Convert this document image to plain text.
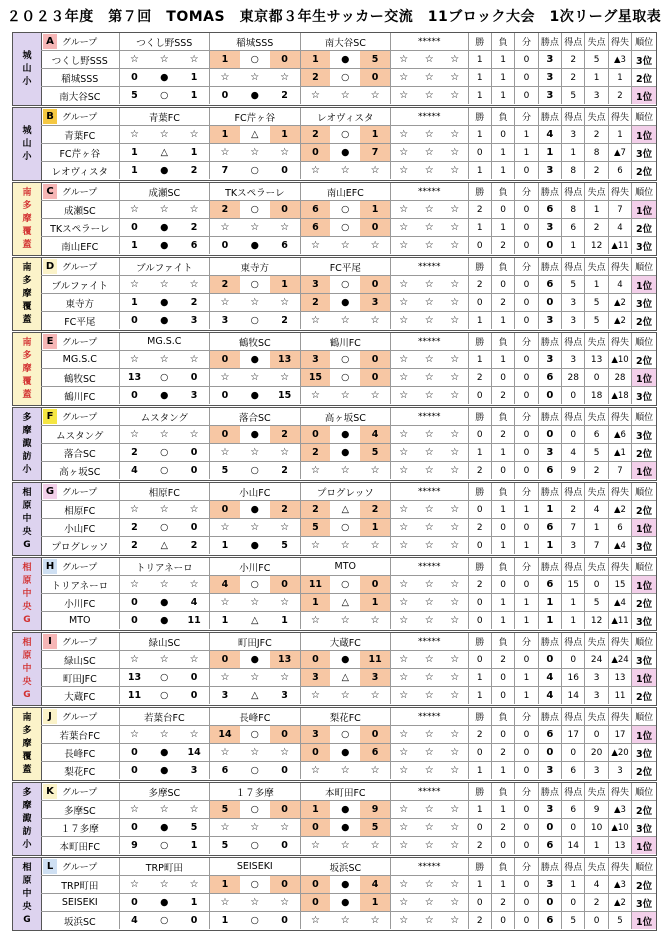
２０２３年度　第７回　TOMAS　東京都３年生サッカー交流　11ブロック大会　1次リーグ星取表
城
山
小
A グループ	つくし野SSS	稲城SSS	南大谷SC	*****	勝	負	分	勝点 得点 失点 得失 順位
つくし野SSS	☆	☆	☆	1	○	0	1	●	5	☆	☆	☆	1	1	0	3	2	5	▲3	3位
稲城SSS	0	●	1	☆	☆	☆	2	○	0	☆	☆	☆	1	1	0	3	2	1	1	2位
南大谷SC	5	○	1	0	●	2	☆	☆	☆	☆	☆	☆	1	1	0	3	5	3	2	1位
城
山
小
B グループ	青葉FC	FC芹ヶ谷	レオヴィスタ	*****	勝	負	分	勝点 得点 失点 得失 順位
青葉FC	☆	☆	☆	1	△	1	2	○	1	☆	☆	☆	1	0	1	4	3	2	1	1位
FC芹ヶ谷	1	△	1	☆	☆	☆	0	●	7	☆	☆	☆	0	1	1	1	1	8	▲7	3位
レオヴィスタ	1	●	2	7	○	0	☆	☆	☆	☆	☆	☆	1	1	0	3	8	2	6	2位
南
多
摩
覆
蓋
C グループ	成瀬SC	TKスペラーレ	南山EFC	*****	勝	負	分	勝点 得点 失点 得失 順位
成瀬SC	☆	☆	☆	2	○	0	6	○	1	☆	☆	☆	2	0	0	6	8	1	7	1位
TKスペラーレ	0	●	2	☆	☆	☆	6	○	0	☆	☆	☆	1	1	0	3	6	2	4	2位
南山EFC	1	●	6	0	●	6	☆	☆	☆	☆	☆	☆	0	2	0	0	1	12	▲11 3位
南
多
摩
覆
蓋
D グループ	ブルファイト	東寺方	FC平尾	*****	勝	負	分	勝点 得点 失点 得失 順位
ブルファイト	☆	☆	☆	2	○	1	3	○	0	☆	☆	☆	2	0	0	6	5	1	4	1位
東寺方	1	●	2	☆	☆	☆	2	●	3	☆	☆	☆	0	2	0	0	3	5	▲2	3位
FC平尾	0	●	3	3	○	2	☆	☆	☆	☆	☆	☆	1	1	0	3	3	5	▲2	2位
南
多
摩
覆
蓋
E グループ	MG.S.C	鶴牧SC	鶴川FC	*****	勝	負	分	勝点 得点 失点 得失 順位
MG.S.C	☆	☆	☆	0	●	13	3	○	0	☆	☆	☆	1	1	0	3	3	13	▲10 2位
鶴牧SC	13	○	0	☆	☆	☆	15	○	0	☆	☆	☆	2	0	0	6	28	0	28	1位
鶴川FC	0	●	3	0	●	15	☆	☆	☆	☆	☆	☆	0	2	0	0	0	18	▲18 3位
多
摩
諏
訪
小
F グループ	ムスタング	落合SC	高ヶ坂SC	*****	勝	負	分	勝点 得点 失点 得失 順位
ムスタング	☆	☆	☆	0	●	2	0	●	4	☆	☆	☆	0	2	0	0	0	6	▲6	3位
落合SC	2	○	0	☆	☆	☆	2	●	5	☆	☆	☆	1	1	0	3	4	5	▲1	2位
高ヶ坂SC	4	○	0	5	○	2	☆	☆	☆	☆	☆	☆	2	0	0	6	9	2	7	1位
相
原
中
央
G
G グループ	相原FC	小山FC	プログレッソ	*****	勝	負	分	勝点 得点 失点 得失 順位
相原FC	☆	☆	☆	0	●	2	2	△	2	☆	☆	☆	0	1	1	1	2	4	▲2	2位
小山FC	2	○	0	☆	☆	☆	5	○	1	☆	☆	☆	2	0	0	6	7	1	6	1位
プログレッソ	2	△	2	1	●	5	☆	☆	☆	☆	☆	☆	0	1	1	1	3	7	▲4	3位
相
原
中
央
G
H グループ	トリアネーロ	小川FC	MTO	*****	勝	負	分	勝点 得点 失点 得失 順位
トリアネーロ	☆	☆	☆	4	○	0	11	○	0	☆	☆	☆	2	0	0	6	15	0	15	1位
小川FC	0	●	4	☆	☆	☆	1	△	1	☆	☆	☆	0	1	1	1	1	5	▲4	2位
MTO	0	●	11	1	△	1	☆	☆	☆	☆	☆	☆	0	1	1	1	1	12	▲11 3位
相
原
中
央
G
I	グループ	緑山SC	町田JFC	大蔵FC	*****	勝	負	分	勝点 得点 失点 得失 順位
緑山SC	☆	☆	☆	0	●	13	0	●	11	☆	☆	☆	0	2	0	0	0	24	▲24 3位
町田JFC	13	○	0	☆	☆	☆	3	△	3	☆	☆	☆	1	0	1	4	16	3	13	1位
大蔵FC	11	○	0	3	△	3	☆	☆	☆	☆	☆	☆	1	0	1	4	14	3	11	2位
南
多
摩
覆
蓋
J	グループ	若葉台FC	長峰FC	梨花FC	*****	勝	負	分	勝点 得点 失点 得失 順位
若葉台FC	☆	☆	☆	14	○	0	3	○	0	☆	☆	☆	2	0	0	6	17	0	17	1位
長峰FC	0	●	14	☆	☆	☆	0	●	6	☆	☆	☆	0	2	0	0	0	20	▲20 3位
梨花FC	0	●	3	6	○	0	☆	☆	☆	☆	☆	☆	1	1	0	3	6	3	3	2位
多
摩
諏
訪
小
K グループ	多摩SC	１７多摩	本町田FC	*****	勝	負	分	勝点 得点 失点 得失 順位
多摩SC	☆	☆	☆	5	○	0	1	●	9	☆	☆	☆	1	1	0	3	6	9	▲3	2位
１７多摩	0	●	5	☆	☆	☆	0	●	5	☆	☆	☆	0	2	0	0	0	10	▲10 3位
本町田FC	9	○	1	5	○	0	☆	☆	☆	☆	☆	☆	2	0	0	6	14	1	13	1位
相
原
中
央
G
L グループ	TRP町田	SEISEKI	坂浜SC	*****	勝	負	分	勝点 得点 失点 得失 順位
TRP町田	☆	☆	☆	1	○	0	0	●	4	☆	☆	☆	1	1	0	3	1	4	▲3	2位
SEISEKI	0	●	1	☆	☆	☆	0	●	1	☆	☆	☆	0	2	0	0	0	2	▲2	3位
坂浜SC	4	○	0	1	○	0	☆	☆	☆	☆	☆	☆	2	0	0	6	5	0	5	1位
